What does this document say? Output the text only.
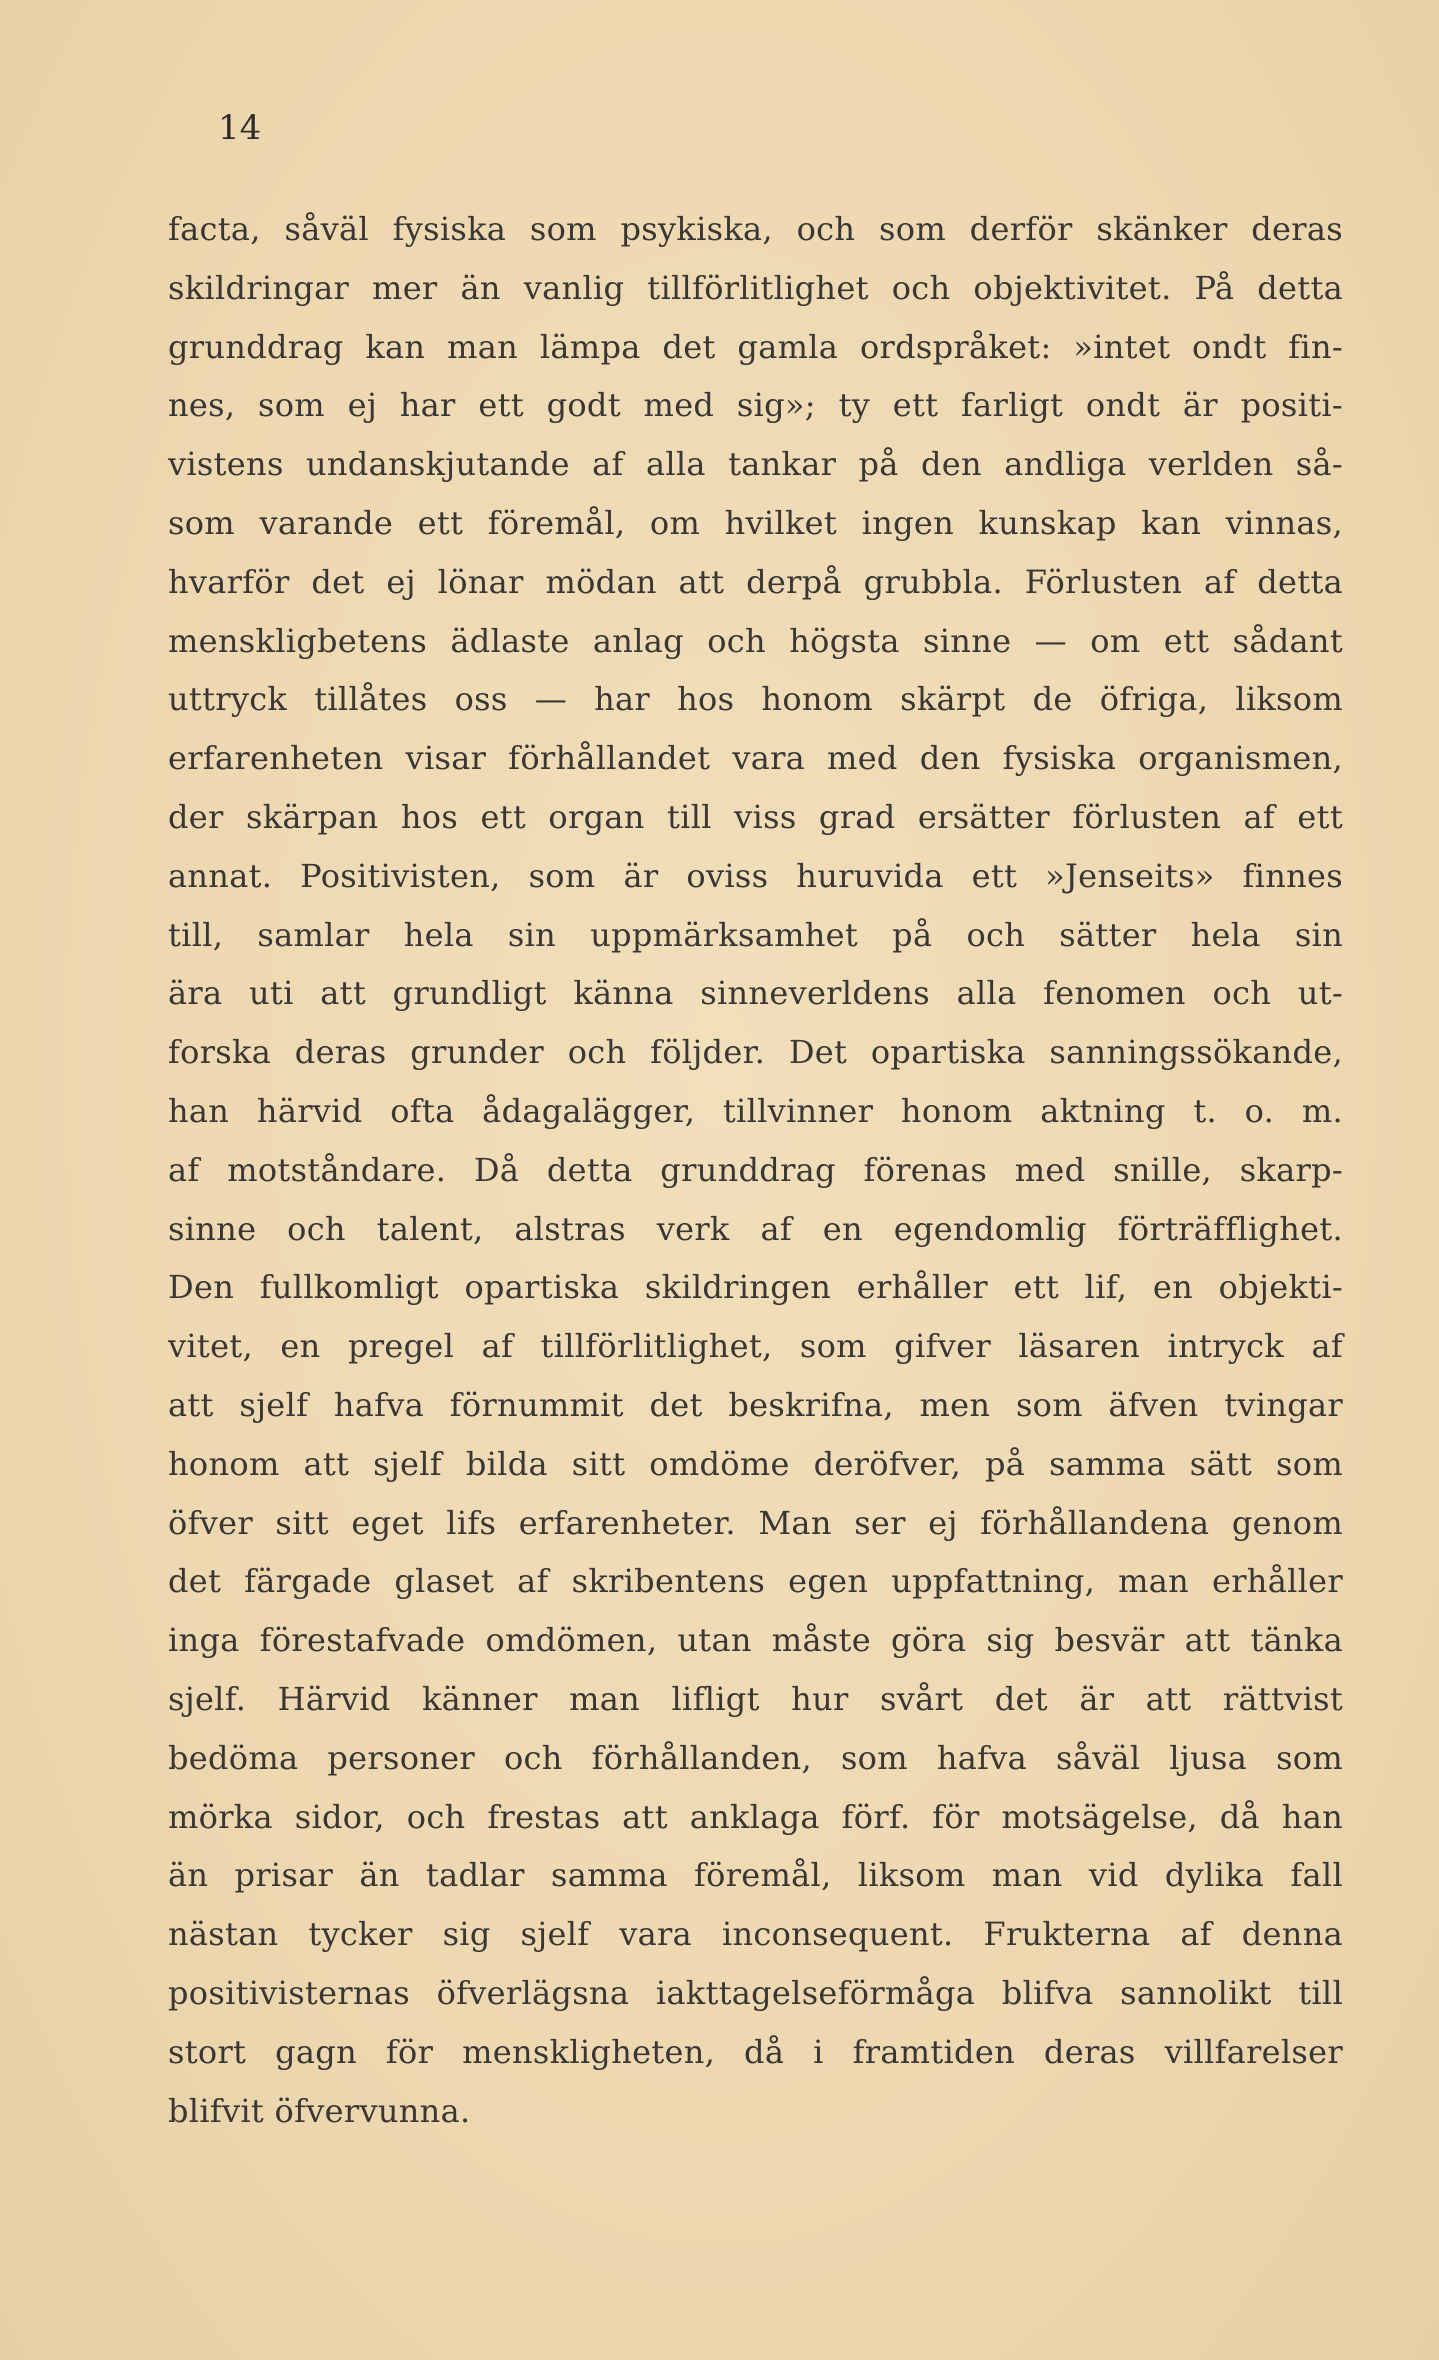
14
facta, såväl fysiska som psykiska, och som derför skänker deras
skildringar mer än vanlig tillförlitlighet och objektivitet. På detta
grunddrag kan man lämpa det gamla ordspråket: »intet ondt fin-
nes, som ej har ett godt med sig»; ty ett farligt ondt är positi-
vistens undanskjutande af alla tankar på den andliga verlden så-
som varande ett föremål, om hvilket ingen kunskap kan vinnas,
hvarför det ej lönar mödan att derpå grubbla. Förlusten af detta
menskligbetens ädlaste anlag och högsta sinne — om ett sådant
uttryck tillåtes oss — har hos honom skärpt de öfriga, liksom
erfarenheten visar förhållandet vara med den fysiska organismen,
der skärpan hos ett organ till viss grad ersätter förlusten af ett
annat. Positivisten, som är oviss huruvida ett »Jenseits» finnes
till, samlar hela sin uppmärksamhet på och sätter hela sin
ära uti att grundligt känna sinneverldens alla fenomen och ut-
forska deras grunder och följder. Det opartiska sanningssökande,
han härvid ofta ådagalägger, tillvinner honom aktning t. o. m.
af motståndare. Då detta grunddrag förenas med snille, skarp-
sinne och talent, alstras verk af en egendomlig förträfflighet.
Den fullkomligt opartiska skildringen erhåller ett lif, en objekti-
vitet, en pregel af tillförlitlighet, som gifver läsaren intryck af
att sjelf hafva förnummit det beskrifna, men som äfven tvingar
honom att sjelf bilda sitt omdöme deröfver, på samma sätt som
öfver sitt eget lifs erfarenheter. Man ser ej förhållandena genom
det färgade glaset af skribentens egen uppfattning, man erhåller
inga förestafvade omdömen, utan måste göra sig besvär att tänka
sjelf. Härvid känner man lifligt hur svårt det är att rättvist
bedöma personer och förhållanden, som hafva såväl ljusa som
mörka sidor, och frestas att anklaga förf. för motsägelse, då han
än prisar än tadlar samma föremål, liksom man vid dylika fall
nästan tycker sig sjelf vara inconsequent. Frukterna af denna
positivisternas öfverlägsna iakttagelseförmåga blifva sannolikt till
stort gagn för menskligheten, då i framtiden deras villfarelser
blifvit öfvervunna.
